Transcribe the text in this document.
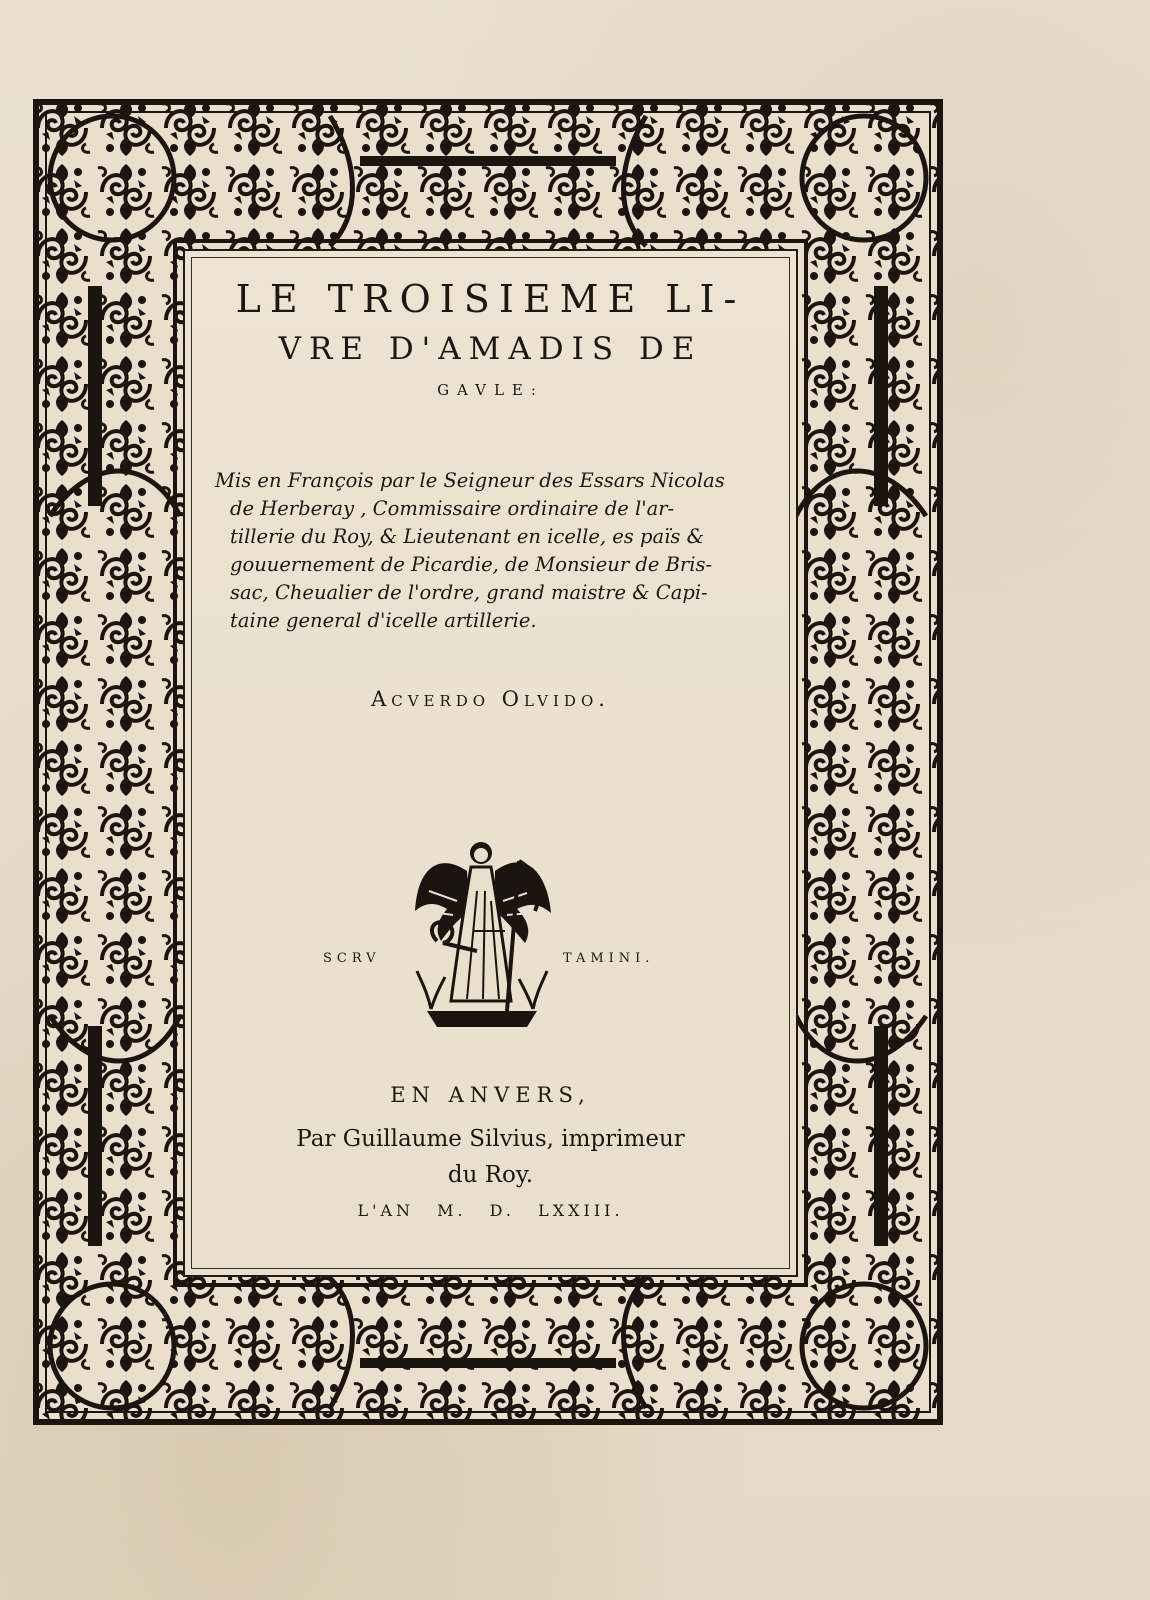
LE TROISIEME LI-
VRE D'AMADIS DE
GAVLE:
Mis en François par le Seigneur des Essars Nicolas
de Herberay , Commissaire ordinaire de l'ar-
tillerie du Roy, & Lieutenant en icelle, es païs &
gouuernement de Picardie, de Monsieur de Bris-
sac, Cheualier de l'ordre, grand maistre & Capi-
taine general d'icelle artillerie.
Acverdo Olvido.
SCRV	TAMINI.
EN ANVERS,
Par Guillaume Silvius, imprimeur
du Roy.
L'AN M. D. LXXIII.
